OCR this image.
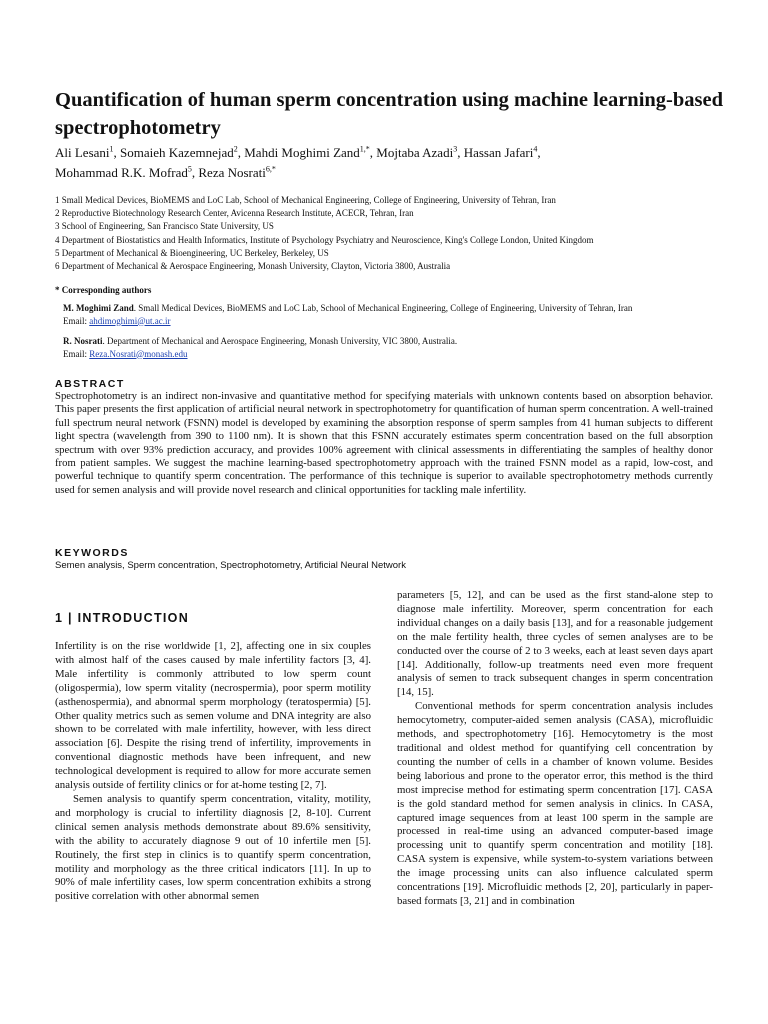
Quantification of human sperm concentration using machine learning-based spectrophotometry
Ali Lesani$^1$, Somaieh Kazemnejad$^2$, Mahdi Moghimi Zand$^{1,*}$, Mojtaba Azadi$^3$, Hassan Jafari$^4$,
Mohammad R.K. Mofrad$^5$, Reza Nosrati$^{6,*}$
1 Small Medical Devices, BioMEMS and LoC Lab, School of Mechanical Engineering, College of Engineering, University of Tehran, Iran
2 Reproductive Biotechnology Research Center, Avicenna Research Institute, ACECR, Tehran, Iran
3 School of Engineering, San Francisco State University, US
4 Department of Biostatistics and Health Informatics, Institute of Psychology Psychiatry and Neuroscience, King's College London, United Kingdom
5 Department of Mechanical & Bioengineering, UC Berkeley, Berkeley, US
6 Department of Mechanical & Aerospace Engineering, Monash University, Clayton, Victoria 3800, Australia
* Corresponding authors
M. Moghimi Zand. Small Medical Devices, BioMEMS and LoC Lab, School of Mechanical Engineering, College of Engineering, University of Tehran, Iran
Email: ahdimoghimi@ut.ac.ir
R. Nosrati. Department of Mechanical and Aerospace Engineering, Monash University, VIC 3800, Australia.
Email: Reza.Nosrati@monash.edu
ABSTRACT

Spectrophotometry is an indirect non-invasive and quantitative method for specifying materials with unknown contents based on absorption behavior. This paper presents the first application of artificial neural network in spectrophotometry for quantification of human sperm concentration. A well-trained full spectrum neural network (FSNN) model is developed by examining the absorption response of sperm samples from 41 human subjects to different light spectra (wavelength from 390 to 1100 nm). It is shown that this FSNN accurately estimates sperm concentration based on the full absorption spectrum with over 93% prediction accuracy, and provides 100% agreement with clinical assessments in differentiating the samples of healthy donor from patient samples. We suggest the machine learning-based spectrophotometry approach with the trained FSNN model as a rapid, low-cost, and powerful technique to quantify sperm concentration. The performance of this technique is superior to available spectrophotometry methods currently used for semen analysis and will provide novel research and clinical opportunities for tackling male infertility.

KEYWORDS
Semen analysis, Sperm concentration, Spectrophotometry, Artificial Neural Network
1 | INTRODUCTION

Infertility is on the rise worldwide [1, 2], affecting one in six couples with almost half of the cases caused by male infertility factors [3, 4]. Male infertility is commonly attributed to low sperm count (oligospermia), low sperm vitality (necrospermia), poor sperm motility (asthenospermia), and abnormal sperm morphology (teratospermia) [5]. Other quality metrics such as semen volume and DNA integrity are also shown to be correlated with male infertility, however, with less direct association [6]. Despite the rising trend of infertility, improvements in conventional diagnostic methods have been infrequent, and new technological development is required to allow for more accurate semen analysis outside of fertility clinics or for at-home testing [2, 7].

Semen analysis to quantify sperm concentration, vitality, motility, and morphology is crucial to infertility diagnosis [2, 8-10]. Current clinical semen analysis methods demonstrate about 89.6% sensitivity, with the ability to accurately diagnose 9 out of 10 infertile men [5]. Routinely, the first step in clinics is to quantify sperm concentration, motility and morphology as the three critical indicators [11]. In up to 90% of male infertility cases, low sperm concentration exhibits a strong positive correlation with other abnormal semen

parameters [5, 12], and can be used as the first stand-alone step to diagnose male infertility. Moreover, sperm concentration for each individual changes on a daily basis [13], and for a reasonable judgement on the male fertility health, three cycles of semen analyses are to be conducted over the course of 2 to 3 weeks, each at least seven days apart [14]. Additionally, follow-up treatments need even more frequent analysis of semen to track subsequent changes in sperm concentration [14, 15].

Conventional methods for sperm concentration analysis includes hemocytometry, computer-aided semen analysis (CASA), microfluidic methods, and spectrophotometry [16]. Hemocytometry is the most traditional and oldest method for quantifying cell concentration by counting the number of cells in a chamber of known volume. Besides being laborious and prone to the operator error, this method is the third most imprecise method for estimating sperm concentration [17]. CASA is the gold standard method for semen analysis in clinics. In CASA, captured image sequences from at least 100 sperm in the sample are processed in real-time using an advanced computer-based image processing unit to quantify sperm concentration and motility [18]. CASA system is expensive, while system-to-system variations between the image processing units can also influence calculated sperm concentrations [19]. Microfluidic methods [2, 20], particularly in paper-based formats [3, 21] and in combination
